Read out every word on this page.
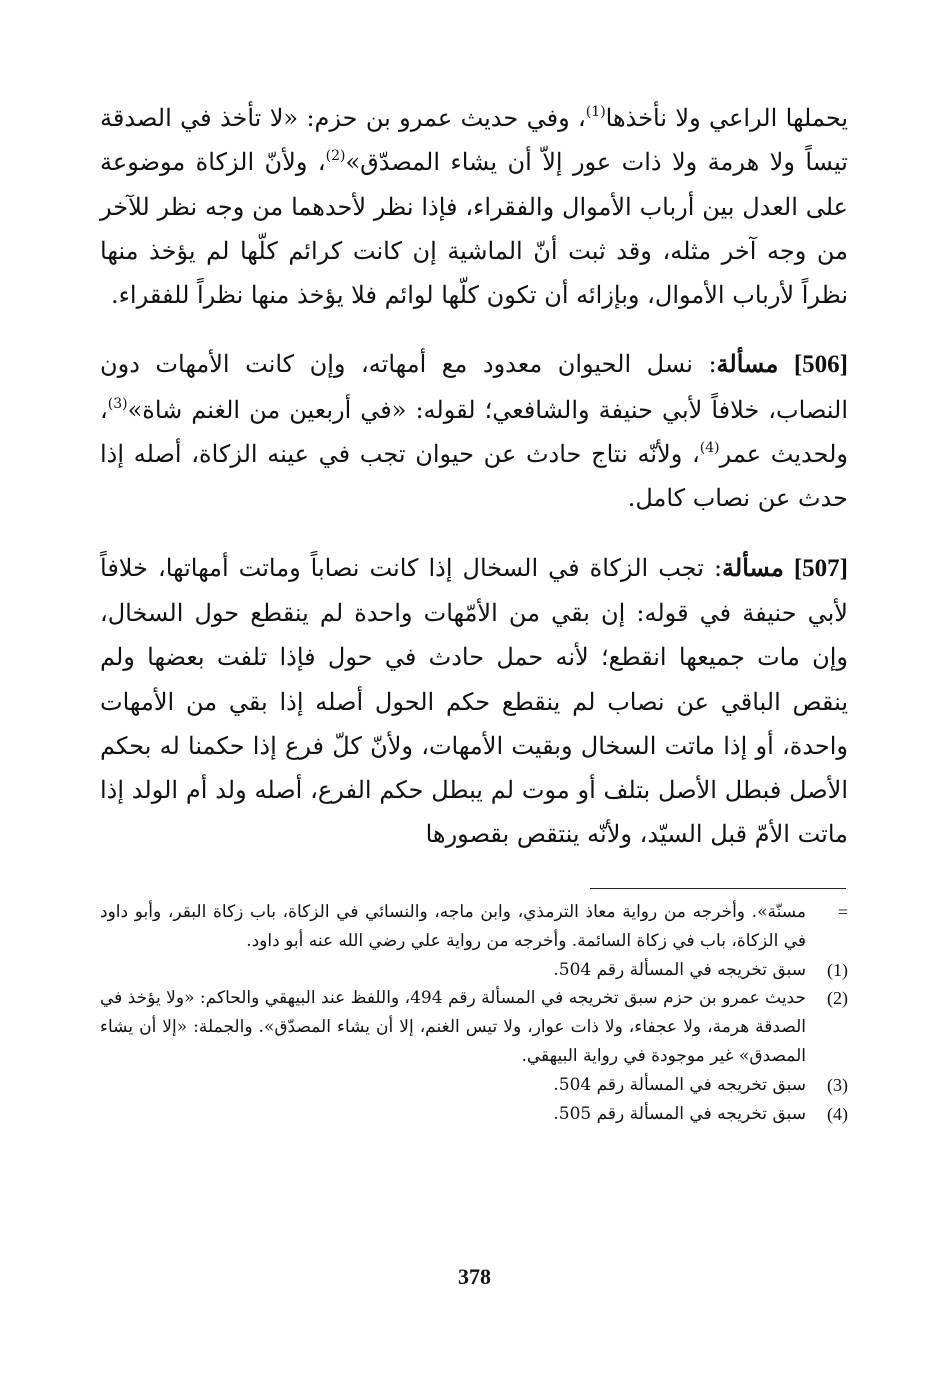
يحملها الراعي ولا نأخذها$^{(1)}$، وفي حديث عمرو بن حزم: «لا تأخذ في الصدقة تيساً ولا هرمة ولا ذات عور إلاّ أن يشاء المصدّق»$^{(2)}$، ولأنّ الزكاة موضوعة على العدل بين أرباب الأموال والفقراء، فإذا نظر لأحدهما من وجه نظر للآخر من وجه آخر مثله، وقد ثبت أنّ الماشية إن كانت كرائم كلّها لم يؤخذ منها نظراً لأرباب الأموال، وبإزائه أن تكون كلّها لوائم فلا يؤخذ منها نظراً للفقراء.

[506] مسألة: نسل الحيوان معدود مع أمهاته، وإن كانت الأمهات دون النصاب، خلافاً لأبي حنيفة والشافعي؛ لقوله: «في أربعين من الغنم شاة»$^{(3)}$، ولحديث عمر$^{(4)}$، ولأنّه نتاج حادث عن حيوان تجب في عينه الزكاة، أصله إذا حدث عن نصاب كامل.

[507] مسألة: تجب الزكاة في السخال إذا كانت نصاباً وماتت أمهاتها، خلافاً لأبي حنيفة في قوله: إن بقي من الأمّهات واحدة لم ينقطع حول السخال، وإن مات جميعها انقطع؛ لأنه حمل حادث في حول فإذا تلفت بعضها ولم ينقص الباقي عن نصاب لم ينقطع حكم الحول أصله إذا بقي من الأمهات واحدة، أو إذا ماتت السخال وبقيت الأمهات، ولأنّ كلّ فرع إذا حكمنا له بحكم الأصل فبطل الأصل بتلف أو موت لم يبطل حكم الفرع، أصله ولد أم الولد إذا ماتت الأمّ قبل السيّد، ولأنّه ينتقص بقصورها

=
مسنّة». وأخرجه من رواية معاذ الترمذي، وابن ماجه، والنسائي في الزكاة، باب زكاة البقر، وأبو داود في الزكاة، باب في زكاة السائمة. وأخرجه من رواية علي رضي الله عنه أبو داود.
(1)
سبق تخريجه في المسألة رقم 504.
(2)
حديث عمرو بن حزم سبق تخريجه في المسألة رقم 494، واللفظ عند البيهقي والحاكم: «ولا يؤخذ في الصدقة هرمة، ولا عجفاء، ولا ذات عوار، ولا تيس الغنم، إلا أن يشاء المصدّق». والجملة: «إلا أن يشاء المصدق» غير موجودة في رواية البيهقي.
(3)
سبق تخريجه في المسألة رقم 504.
(4)
سبق تخريجه في المسألة رقم 505.
378
